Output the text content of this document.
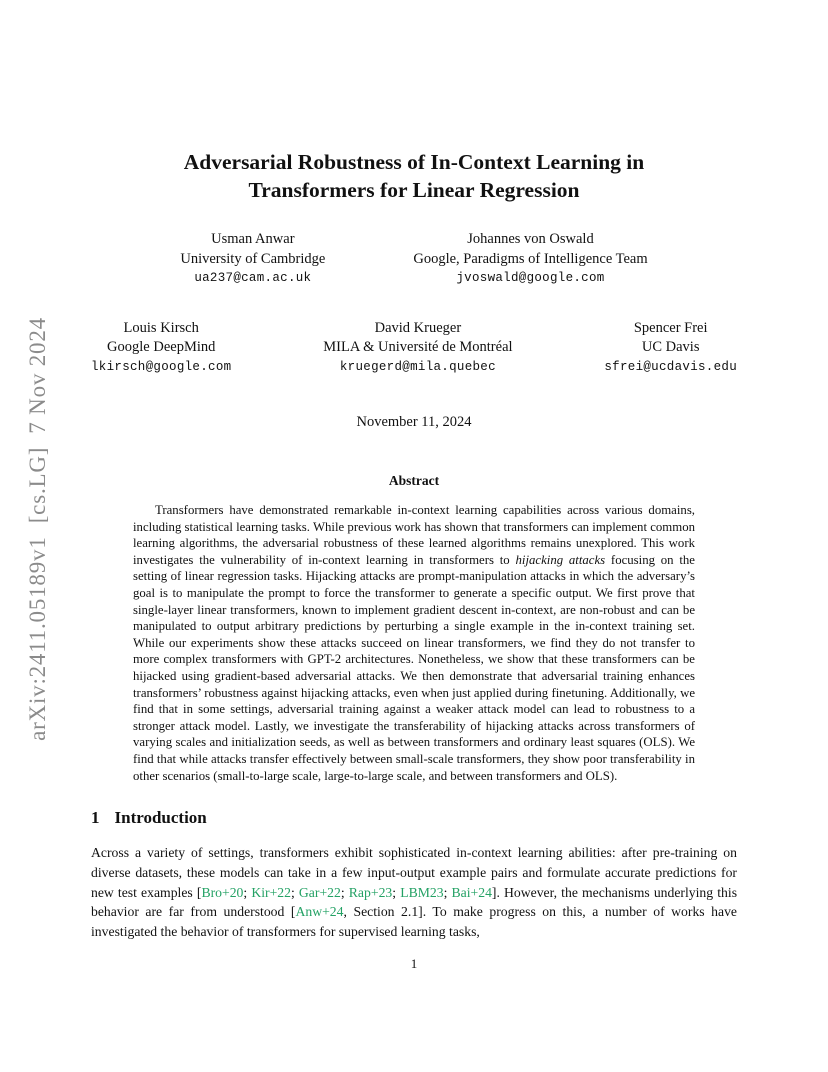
arXiv:2411.05189v1  [cs.LG]  7 Nov 2024
Adversarial Robustness of In-Context Learning in
Transformers for Linear Regression
Usman Anwar
University of Cambridge
ua237@cam.ac.uk
Johannes von Oswald
Google, Paradigms of Intelligence Team
jvoswald@google.com
Louis Kirsch
Google DeepMind
lkirsch@google.com
David Krueger
MILA & Université de Montréal
kruegerd@mila.quebec
Spencer Frei
UC Davis
sfrei@ucdavis.edu
November 11, 2024
Abstract
Transformers have demonstrated remarkable in-context learning capabilities across various domains, including statistical learning tasks. While previous work has shown that transformers can implement common learning algorithms, the adversarial robustness of these learned algorithms remains unexplored. This work investigates the vulnerability of in-context learning in transformers to hijacking attacks focusing on the setting of linear regression tasks. Hijacking attacks are prompt-manipulation attacks in which the adversary’s goal is to manipulate the prompt to force the transformer to generate a specific output. We first prove that single-layer linear transformers, known to implement gradient descent in-context, are non-robust and can be manipulated to output arbitrary predictions by perturbing a single example in the in-context training set. While our experiments show these attacks succeed on linear transformers, we find they do not transfer to more complex transformers with GPT-2 architectures. Nonetheless, we show that these transformers can be hijacked using gradient-based adversarial attacks. We then demonstrate that adversarial training enhances transformers’ robustness against hijacking attacks, even when just applied during finetuning. Additionally, we find that in some settings, adversarial training against a weaker attack model can lead to robustness to a stronger attack model. Lastly, we investigate the transferability of hijacking attacks across transformers of varying scales and initialization seeds, as well as between transformers and ordinary least squares (OLS). We find that while attacks transfer effectively between small-scale transformers, they show poor transferability in other scenarios (small-to-large scale, large-to-large scale, and between transformers and OLS).
1 Introduction
Across a variety of settings, transformers exhibit sophisticated in-context learning abilities: after pre-training on diverse datasets, these models can take in a few input-output example pairs and formulate accurate predictions for new test examples [Bro+20; Kir+22; Gar+22; Rap+23; LBM23; Bai+24]. However, the mechanisms underlying this behavior are far from understood [Anw+24, Section 2.1]. To make progress on this, a number of works have investigated the behavior of transformers for supervised learning tasks,
1
